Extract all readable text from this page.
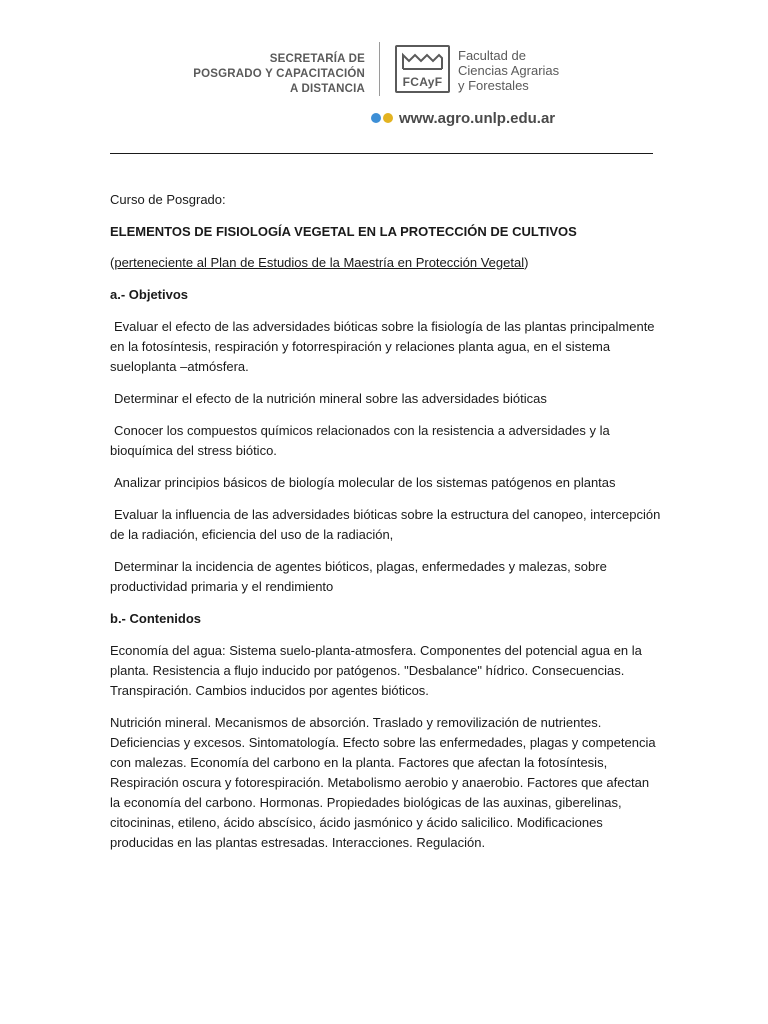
SECRETARÍA DE
POSGRADO Y CAPACITACIÓN
A DISTANCIA	FCAyF
Facultad de
Ciencias Agrarias
y Forestales
www.agro.unlp.edu.ar

Curso de Posgrado:

ELEMENTOS DE FISIOLOGÍA VEGETAL EN LA PROTECCIÓN DE CULTIVOS

(perteneciente al Plan de Estudios de la Maestría en Protección Vegetal)

a.- Objetivos

Evaluar el efecto de las adversidades bióticas sobre la fisiología de las plantas principalmente en la fotosíntesis, respiración y fotorrespiración y relaciones planta agua, en el sistema sueloplanta –atmósfera.

Determinar el efecto de la nutrición mineral sobre las adversidades bióticas

Conocer los compuestos químicos relacionados con la resistencia a adversidades y la bioquímica del stress biótico.

Analizar principios básicos de biología molecular de los sistemas patógenos en plantas

Evaluar la influencia de las adversidades bióticas sobre la estructura del canopeo, intercepción de la radiación, eficiencia del uso de la radiación,

Determinar la incidencia de agentes bióticos, plagas, enfermedades y malezas, sobre productividad primaria y el rendimiento

b.- Contenidos

Economía del agua: Sistema suelo-planta-atmosfera. Componentes del potencial agua en la planta. Resistencia a flujo inducido por patógenos. "Desbalance" hídrico. Consecuencias. Transpiración. Cambios inducidos por agentes bióticos.

Nutrición mineral. Mecanismos de absorción. Traslado y removilización de nutrientes. Deficiencias y excesos. Sintomatología. Efecto sobre las enfermedades, plagas y competencia con malezas. Economía del carbono en la planta. Factores que afectan la fotosíntesis, Respiración oscura y fotorespiración. Metabolismo aerobio y anaerobio. Factores que afectan la economía del carbono. Hormonas. Propiedades biológicas de las auxinas, giberelinas, citocininas, etileno, ácido abscísico, ácido jasmónico y ácido salicilico. Modificaciones producidas en las plantas estresadas. Interacciones. Regulación.
